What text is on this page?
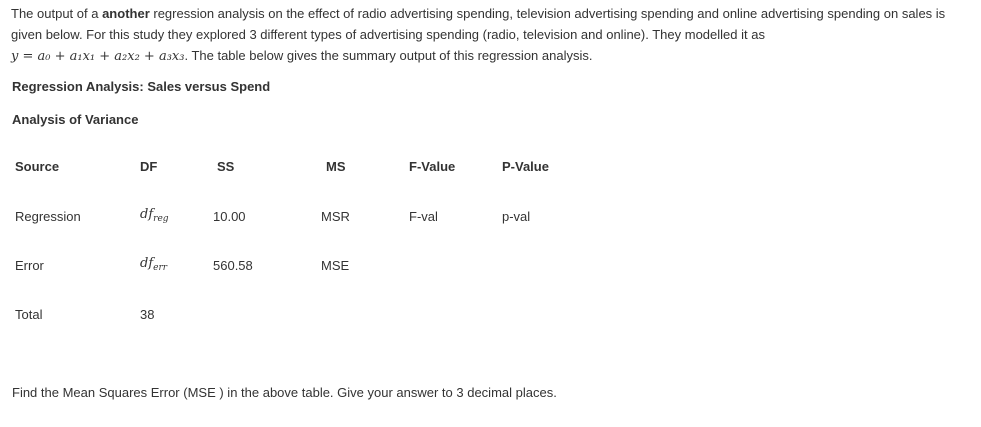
The output of a another regression analysis on the effect of radio advertising spending, television advertising spending and online advertising spending on sales is given below. For this study they explored 3 different types of advertising spending (radio, television and online). They modelled it as
y = a₀ + a₁x₁ + a₂x₂ + a₃x₃. The table below gives the summary output of this regression analysis.
Regression Analysis: Sales versus Spend
Analysis of Variance
Source	DF	SS	MS	F-Value	P-Value
Regression	$df_{reg}$	10.00	MSR	F-val	p-val
Error	$df_{err}$	560.58	MSE
Total	38
Find the Mean Squares Error (MSE ) in the above table. Give your answer to 3 decimal places.
